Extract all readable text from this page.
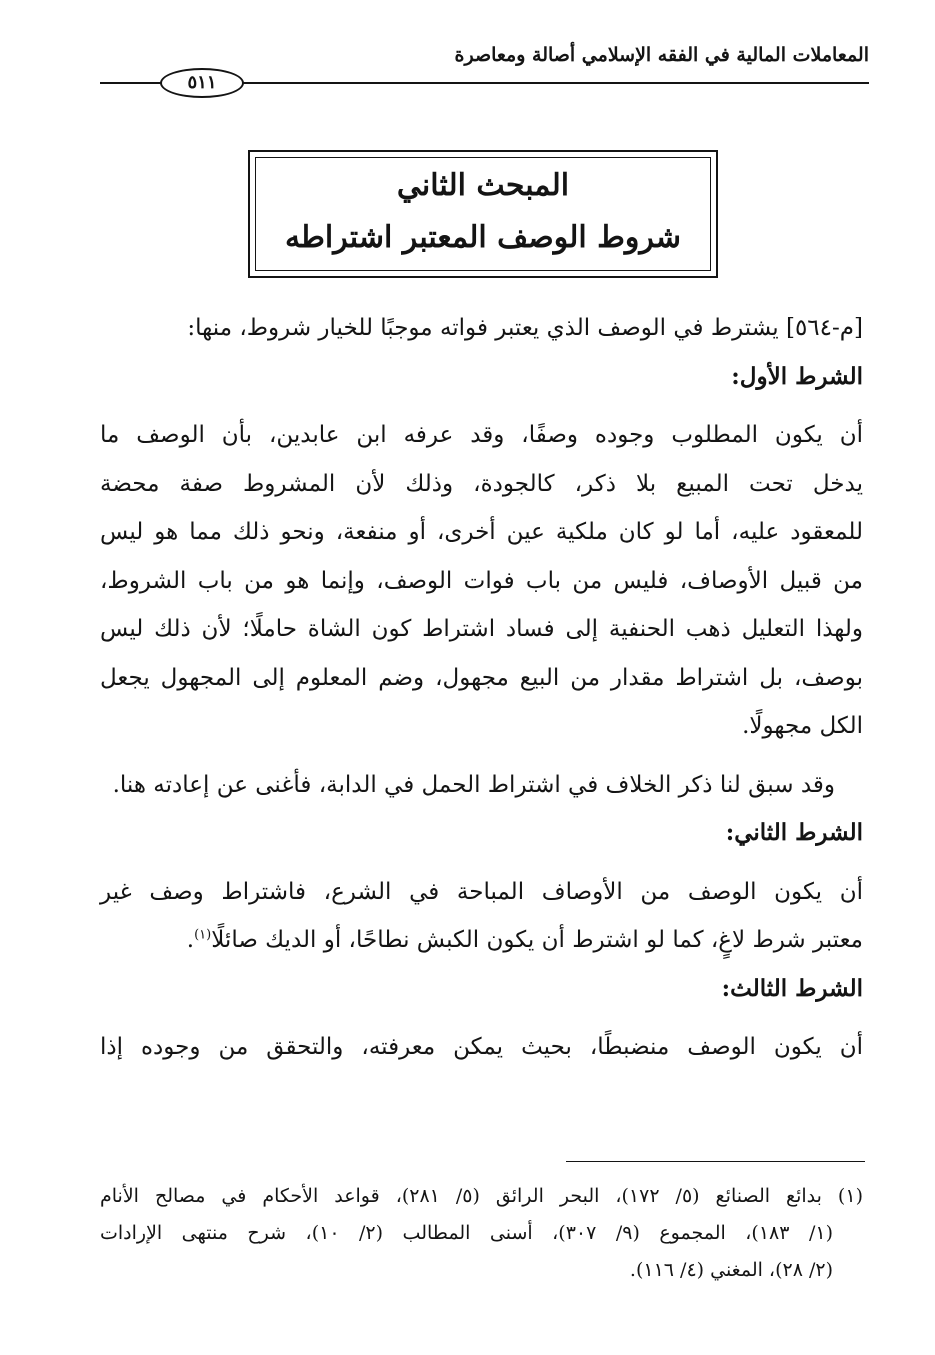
المعاملات المالية في الفقه الإسلامي أصالة ومعاصرة
٥١١
المبحث الثاني
شروط الوصف المعتبر اشتراطه
[م-٥٦٤] يشترط في الوصف الذي يعتبر فواته موجبًا للخيار شروط، منها:
الشرط الأول:
أن يكون المطلوب وجوده وصفًا، وقد عرفه ابن عابدين، بأن الوصف ما
يدخل تحت المبيع بلا ذكر، كالجودة، وذلك لأن المشروط صفة محضة
للمعقود عليه، أما لو كان ملكية عين أخرى، أو منفعة، ونحو ذلك مما هو ليس
من قبيل الأوصاف، فليس من باب فوات الوصف، وإنما هو من باب الشروط،
ولهذا التعليل ذهب الحنفية إلى فساد اشتراط كون الشاة حاملًا؛ لأن ذلك ليس
بوصف، بل اشتراط مقدار من البيع مجهول، وضم المعلوم إلى المجهول يجعل
الكل مجهولًا.
وقد سبق لنا ذكر الخلاف في اشتراط الحمل في الدابة، فأغنى عن إعادته هنا.
الشرط الثاني:
أن يكون الوصف من الأوصاف المباحة في الشرع، فاشتراط وصف غير
معتبر شرط لاغٍ، كما لو اشترط أن يكون الكبش نطاحًا، أو الديك صائلًا$^{(١)}$.
الشرط الثالث:
أن يكون الوصف منضبطًا، بحيث يمكن معرفته، والتحقق من وجوده إذا
(١) بدائع الصنائع (٥/ ١٧٢)، البحر الرائق (٥/ ٢٨١)، قواعد الأحكام في مصالح الأنام
(١/ ١٨٣)، المجموع (٩/ ٣٠٧)، أسنى المطالب (٢/ ١٠)، شرح منتهى الإرادات
(٢/ ٢٨)، المغني (٤/ ١١٦).
